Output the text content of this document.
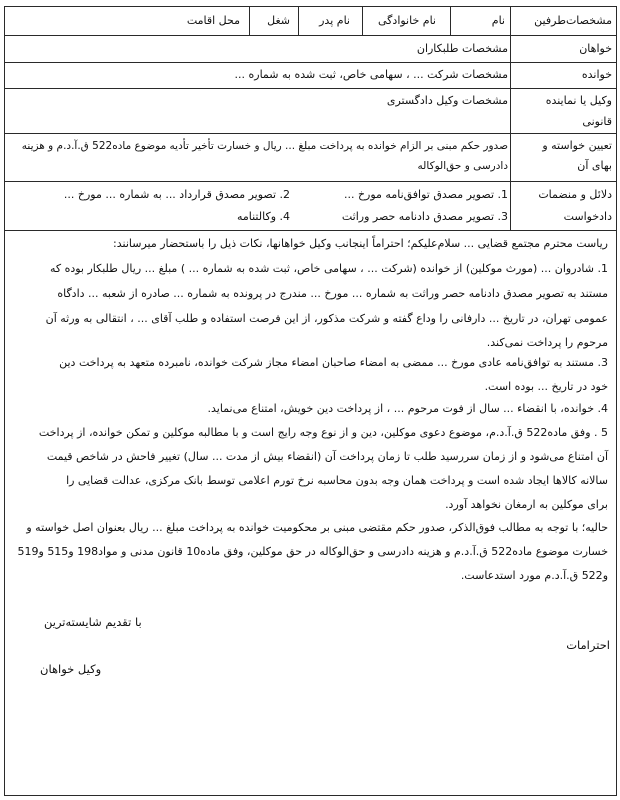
مشخصات‌طرفین
نام
نام خانوادگی
نام پدر
شغل
محل اقامت
خواهان
مشخصات طلبکاران
خوانده
مشخصات شرکت ... ، سهامی خاص، ثبت شده به شماره ...
وکیل یا نماینده
قانونی
مشخصات وکیل دادگستری
تعیین خواسته و
بهای آن
صدور حکم مبنی بر الزام خوانده به پرداخت مبلغ ... ریال و خسارت تأخیر تأدیه موضوع ماده522 ق.آ.د.م و هزینه
دادرسی و حق‌الوکاله
دلائل و منضمات
دادخواست
1. تصویر مصدق توافق‌نامه مورخ ...
2. تصویر مصدق قرارداد ... به شماره ... مورخ ...
3. تصویر مصدق دادنامه حصر وراثت
4. وکالتنامه
ریاست محترم مجتمع قضایی ... سلام‌علیکم؛ احتراماً اینجانب وکیل خواهانها، نکات ذیل را باستحضار میرسانند:
1. شادروان ... (مورث موکلین) از خوانده (شرکت ... ، سهامی خاص، ثبت شده به شماره ... ) مبلغ ... ریال طلبکار بوده که
مستند به تصویر مصدق دادنامه حصر وراثت به شماره ... مورخ ... مندرج در پرونده به شماره ... صادره از شعبه ... دادگاه
عمومی تهران، در تاریخ ... دارفانی را وداع گفته و شرکت مذکور، از این فرصت استفاده و طلب آقای ... ، انتقالی به ورثه آن
مرحوم را پرداخت نمی‌کند.
3. مستند به توافق‌نامه عادی مورخ ... ممضی به امضاء صاحبان امضاء مجاز شرکت خوانده، نامبرده متعهد به پرداخت دین
خود در تاریخ ... بوده است.
4. خوانده، با انقضاء ... سال از فوت مرحوم ... ، از پرداخت دین خویش، امتناع می‌نماید.
5 . وفق ماده522 ق.آ.د.م، موضوع دعوی موکلین، دین و از نوع وجه رایج است و با مطالبه موکلین و تمکن خوانده، از پرداخت
آن امتناع می‌شود و از زمان سررسید طلب تا زمان پرداخت آن (انقضاء بیش از مدت ... سال) تغییر فاحش در شاخص قیمت
سالانه کالاها ایجاد شده است و پرداخت همان وجه بدون محاسبه نرخ تورم اعلامی توسط بانک مرکزی، عدالت قضایی را
برای موکلین به ارمغان نخواهد آورد.
حالیه؛ با توجه به مطالب فوق‌الذکر، صدور حکم مقتضی مبنی بر محکومیت خوانده به پرداخت مبلغ ... ریال بعنوان اصل خواسته و
خسارت موضوع ماده522 ق.آ.د.م و هزینه دادرسی و حق‌الوکاله در حق موکلین، وفق ماده10 قانون مدنی و مواد198 و515 و519
و522 ق.آ.د.م مورد استدعاست.
با تقدیم شایسته‌ترین
احترامات
وکیل خواهان
